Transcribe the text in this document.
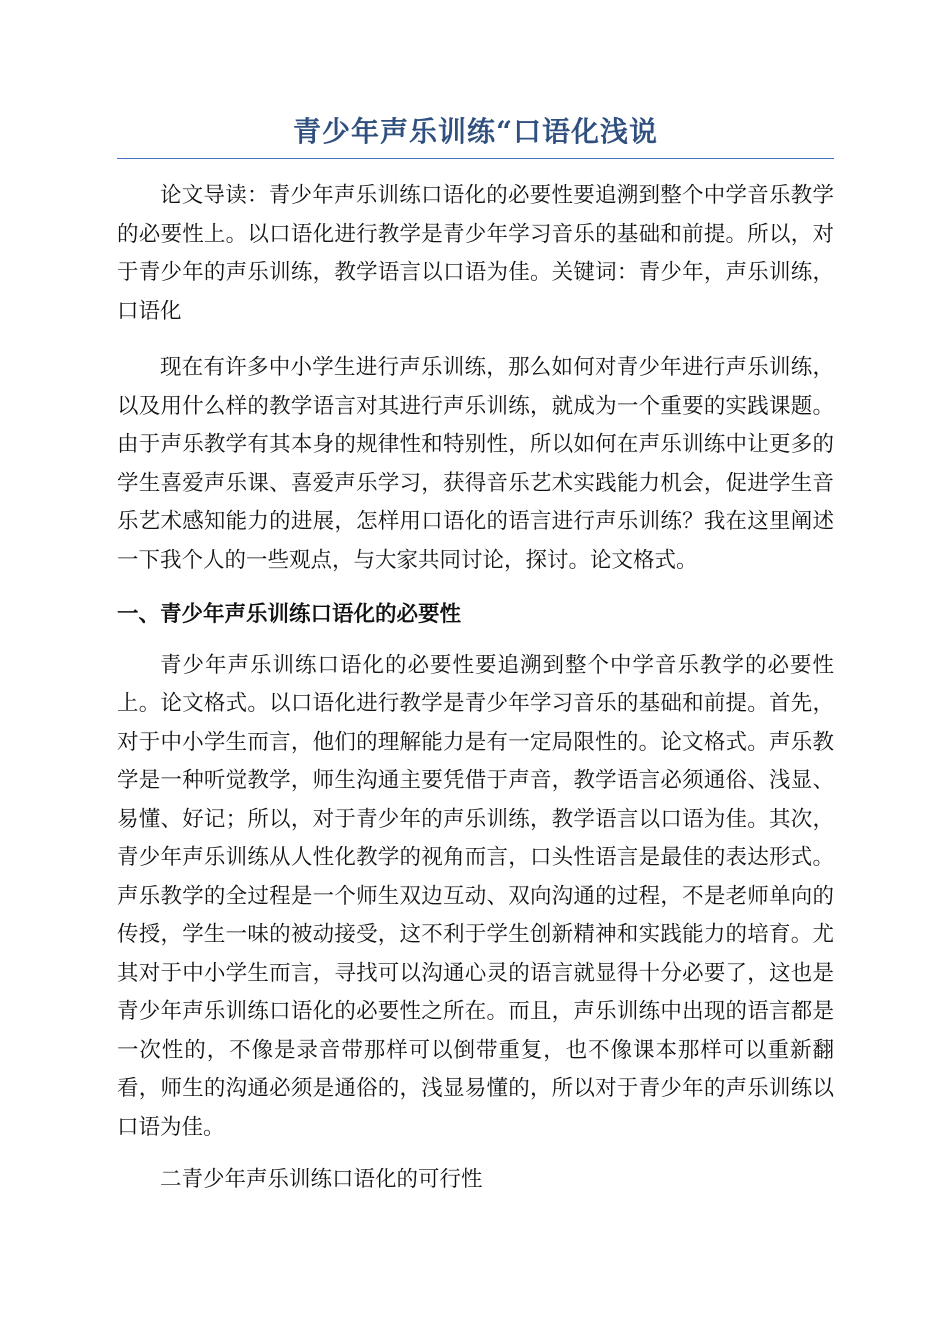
青少年声乐训练“口语化浅说

论文导读：青少年声乐训练口语化的必要性要追溯到整个中学音乐教学的必要性上。以口语化进行教学是青少年学习音乐的基础和前提。所以，对于青少年的声乐训练，教学语言以口语为佳。关键词：青少年，声乐训练，口语化

现在有许多中小学生进行声乐训练，那么如何对青少年进行声乐训练，以及用什么样的教学语言对其进行声乐训练，就成为一个重要的实践课题。由于声乐教学有其本身的规律性和特别性，所以如何在声乐训练中让更多的学生喜爱声乐课、喜爱声乐学习，获得音乐艺术实践能力机会，促进学生音乐艺术感知能力的进展，怎样用口语化的语言进行声乐训练？我在这里阐述一下我个人的一些观点，与大家共同讨论，探讨。论文格式。

一、青少年声乐训练口语化的必要性

青少年声乐训练口语化的必要性要追溯到整个中学音乐教学的必要性上。论文格式。以口语化进行教学是青少年学习音乐的基础和前提。首先，对于中小学生而言，他们的理解能力是有一定局限性的。论文格式。声乐教学是一种听觉教学，师生沟通主要凭借于声音，教学语言必须通俗、浅显、易懂、好记；所以，对于青少年的声乐训练，教学语言以口语为佳。其次，青少年声乐训练从人性化教学的视角而言，口头性语言是最佳的表达形式。声乐教学的全过程是一个师生双边互动、双向沟通的过程，不是老师单向的传授，学生一味的被动接受，这不利于学生创新精神和实践能力的培育。尤其对于中小学生而言，寻找可以沟通心灵的语言就显得十分必要了，这也是青少年声乐训练口语化的必要性之所在。而且，声乐训练中出现的语言都是一次性的，不像是录音带那样可以倒带重复，也不像课本那样可以重新翻看，师生的沟通必须是通俗的，浅显易懂的，所以对于青少年的声乐训练以口语为佳。

二青少年声乐训练口语化的可行性
